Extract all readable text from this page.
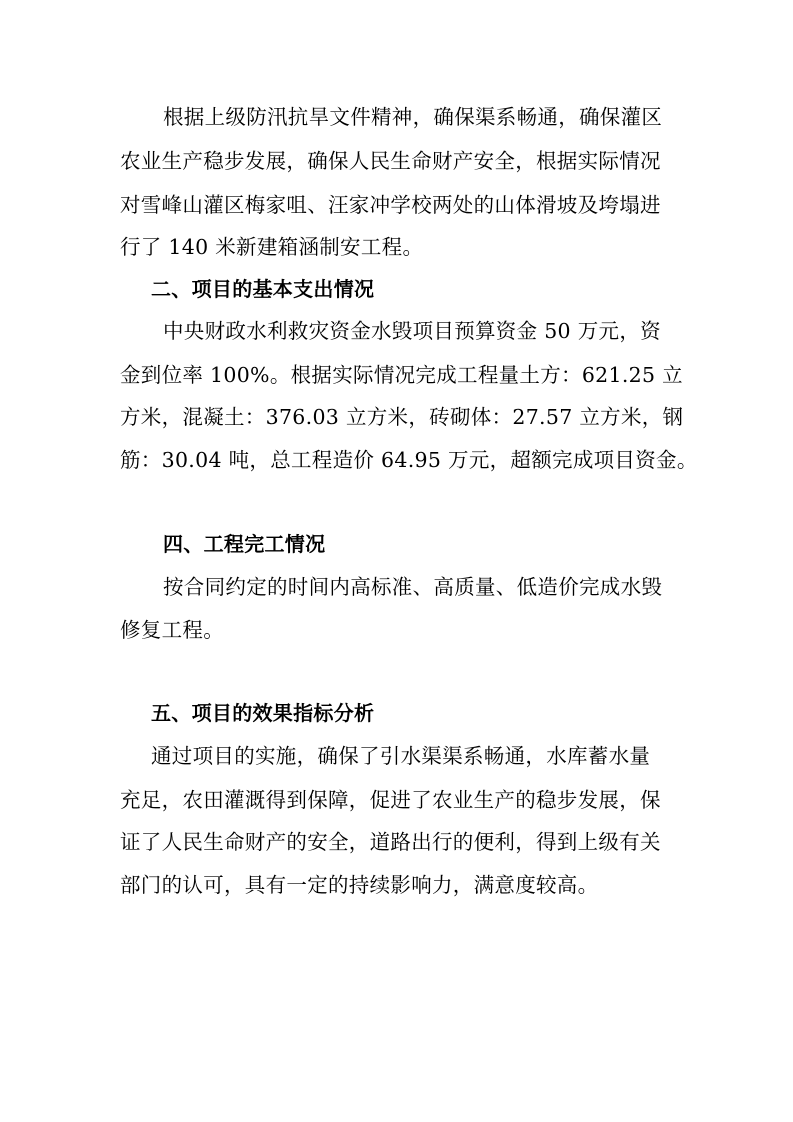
根据上级防汛抗旱文件精神，确保渠系畅通，确保灌区
农业生产稳步发展，确保人民生命财产安全，根据实际情况
对雪峰山灌区梅家咀、汪家冲学校两处的山体滑坡及垮塌进
行了 140 米新建箱涵制安工程。
二、项目的基本支出情况
中央财政水利救灾资金水毁项目预算资金 50 万元，资
金到位率 100%。根据实际情况完成工程量土方：621.25 立
方米，混凝土：376.03 立方米，砖砌体：27.57 立方米，钢
筋：30.04 吨，总工程造价 64.95 万元，超额完成项目资金。
四、工程完工情况
按合同约定的时间内高标准、高质量、低造价完成水毁
修复工程。
五、项目的效果指标分析
通过项目的实施，确保了引水渠渠系畅通，水库蓄水量
充足，农田灌溉得到保障，促进了农业生产的稳步发展，保
证了人民生命财产的安全，道路出行的便利，得到上级有关
部门的认可，具有一定的持续影响力，满意度较高。
